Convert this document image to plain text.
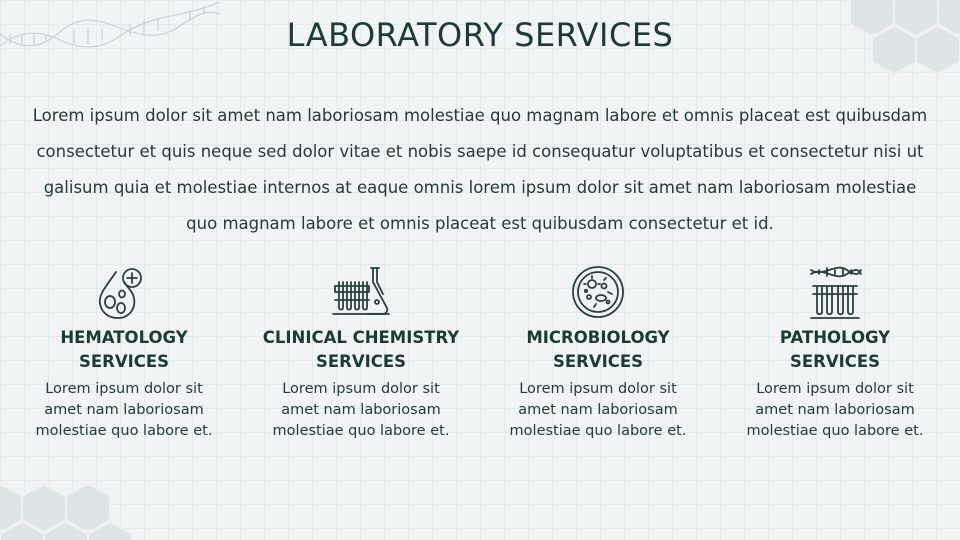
LABORATORY SERVICES

Lorem ipsum dolor sit amet nam laboriosam molestiae quo magnam labore et omnis placeat est quibusdam consectetur et quis neque sed dolor vitae et nobis saepe id consequatur voluptatibus et consectetur nisi ut galisum quia et molestiae internos at eaque omnis lorem ipsum dolor sit amet nam laboriosam molestiae quo magnam labore et omnis placeat est quibusdam consectetur et id.

HEMATOLOGY
SERVICES
Lorem ipsum dolor sit
amet nam laboriosam
molestiae quo labore et.
CLINICAL CHEMISTRY
SERVICES
Lorem ipsum dolor sit
amet nam laboriosam
molestiae quo labore et.
MICROBIOLOGY
SERVICES
Lorem ipsum dolor sit
amet nam laboriosam
molestiae quo labore et.
PATHOLOGY
SERVICES
Lorem ipsum dolor sit
amet nam laboriosam
molestiae quo labore et.
